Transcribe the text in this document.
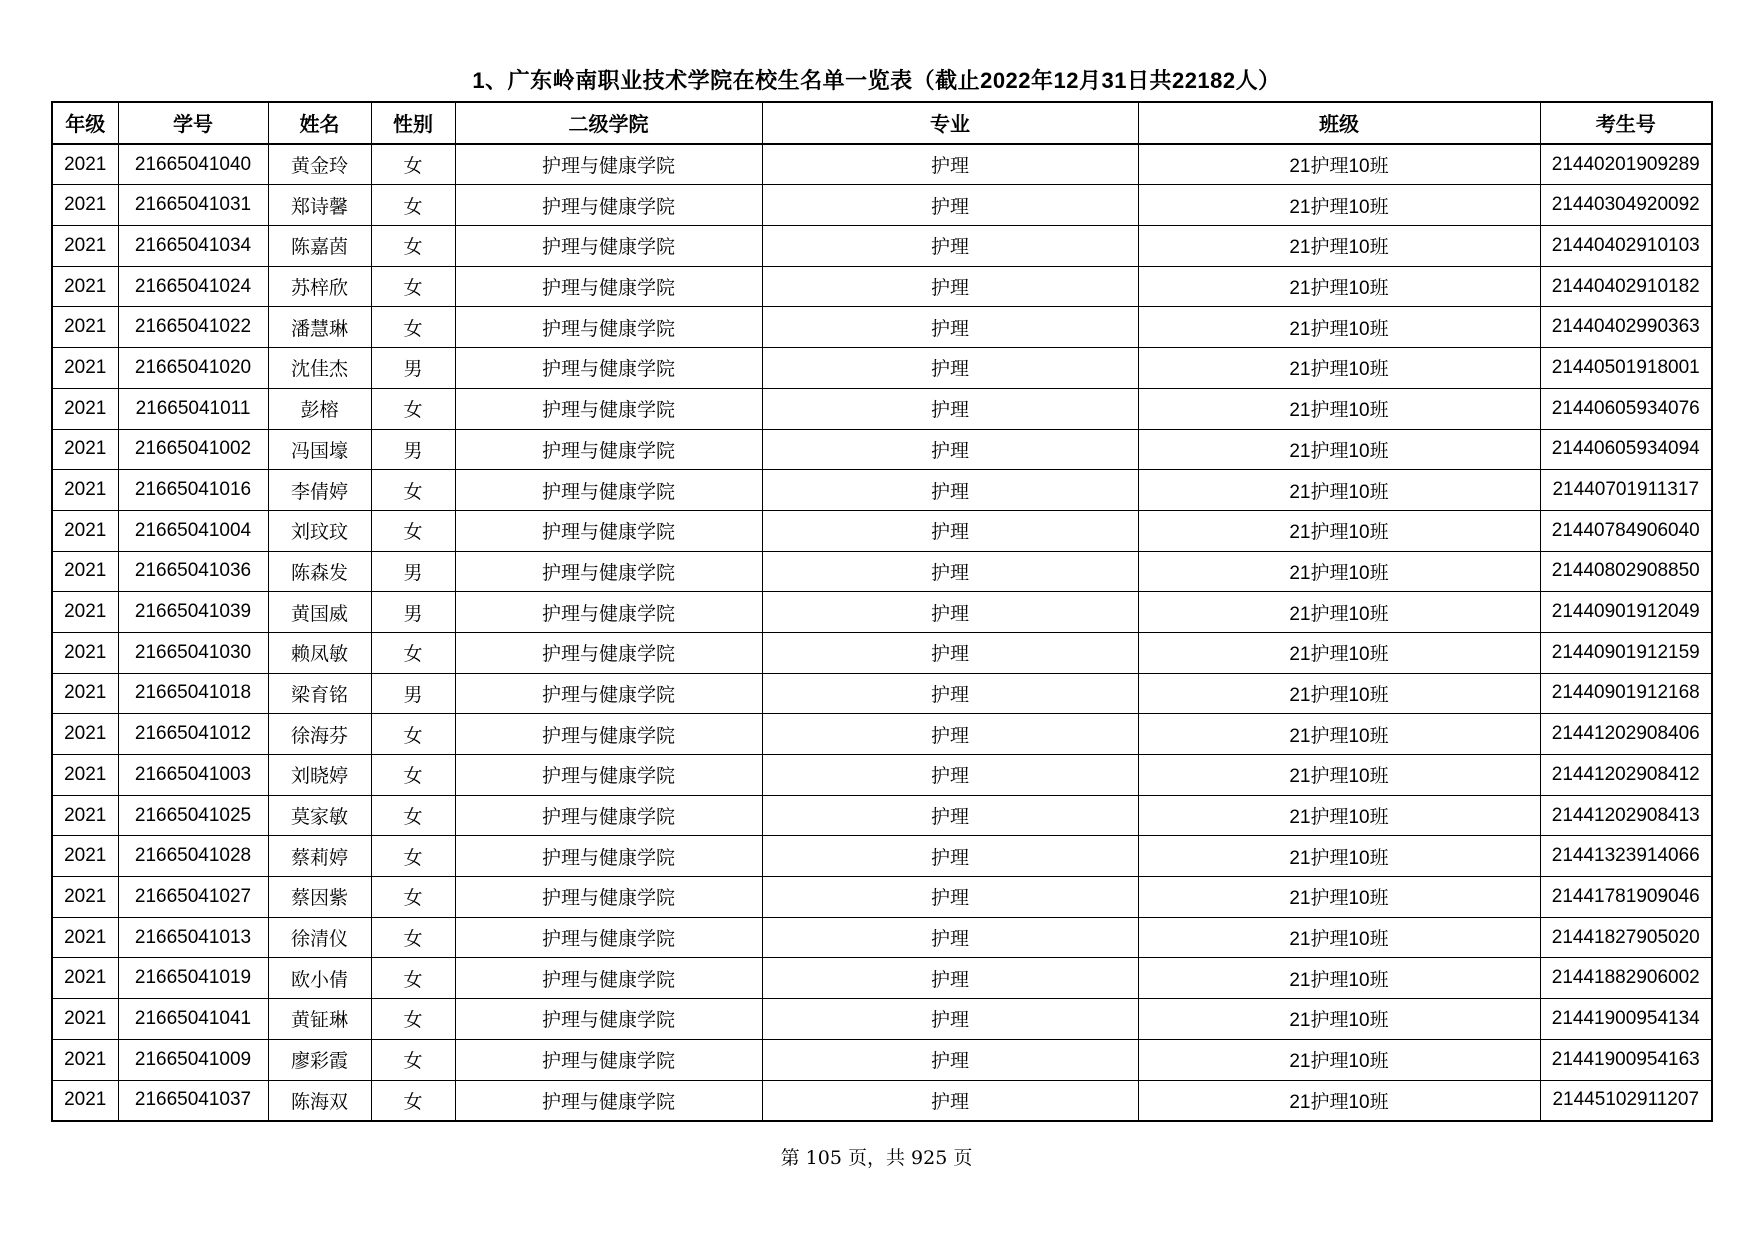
1、广东岭南职业技术学院在校生名单一览表（截止2022年12月31日共22182人）
年级	学号	姓名	性别	二级学院	专业	班级	考生号
2021	21665041040	黄金玲	女	护理与健康学院	护理	21护理10班	21440201909289
2021	21665041031	郑诗馨	女	护理与健康学院	护理	21护理10班	21440304920092
2021	21665041034	陈嘉茵	女	护理与健康学院	护理	21护理10班	21440402910103
2021	21665041024	苏梓欣	女	护理与健康学院	护理	21护理10班	21440402910182
2021	21665041022	潘慧琳	女	护理与健康学院	护理	21护理10班	21440402990363
2021	21665041020	沈佳杰	男	护理与健康学院	护理	21护理10班	21440501918001
2021	21665041011	彭榕	女	护理与健康学院	护理	21护理10班	21440605934076
2021	21665041002	冯国壕	男	护理与健康学院	护理	21护理10班	21440605934094
2021	21665041016	李倩婷	女	护理与健康学院	护理	21护理10班	21440701911317
2021	21665041004	刘玟玟	女	护理与健康学院	护理	21护理10班	21440784906040
2021	21665041036	陈森发	男	护理与健康学院	护理	21护理10班	21440802908850
2021	21665041039	黄国威	男	护理与健康学院	护理	21护理10班	21440901912049
2021	21665041030	赖凤敏	女	护理与健康学院	护理	21护理10班	21440901912159
2021	21665041018	梁育铭	男	护理与健康学院	护理	21护理10班	21440901912168
2021	21665041012	徐海芬	女	护理与健康学院	护理	21护理10班	21441202908406
2021	21665041003	刘晓婷	女	护理与健康学院	护理	21护理10班	21441202908412
2021	21665041025	莫家敏	女	护理与健康学院	护理	21护理10班	21441202908413
2021	21665041028	蔡莉婷	女	护理与健康学院	护理	21护理10班	21441323914066
2021	21665041027	蔡因紫	女	护理与健康学院	护理	21护理10班	21441781909046
2021	21665041013	徐清仪	女	护理与健康学院	护理	21护理10班	21441827905020
2021	21665041019	欧小倩	女	护理与健康学院	护理	21护理10班	21441882906002
2021	21665041041	黄钲琳	女	护理与健康学院	护理	21护理10班	21441900954134
2021	21665041009	廖彩霞	女	护理与健康学院	护理	21护理10班	21441900954163
2021	21665041037	陈海双	女	护理与健康学院	护理	21护理10班	21445102911207
第 105 页，共 925 页
